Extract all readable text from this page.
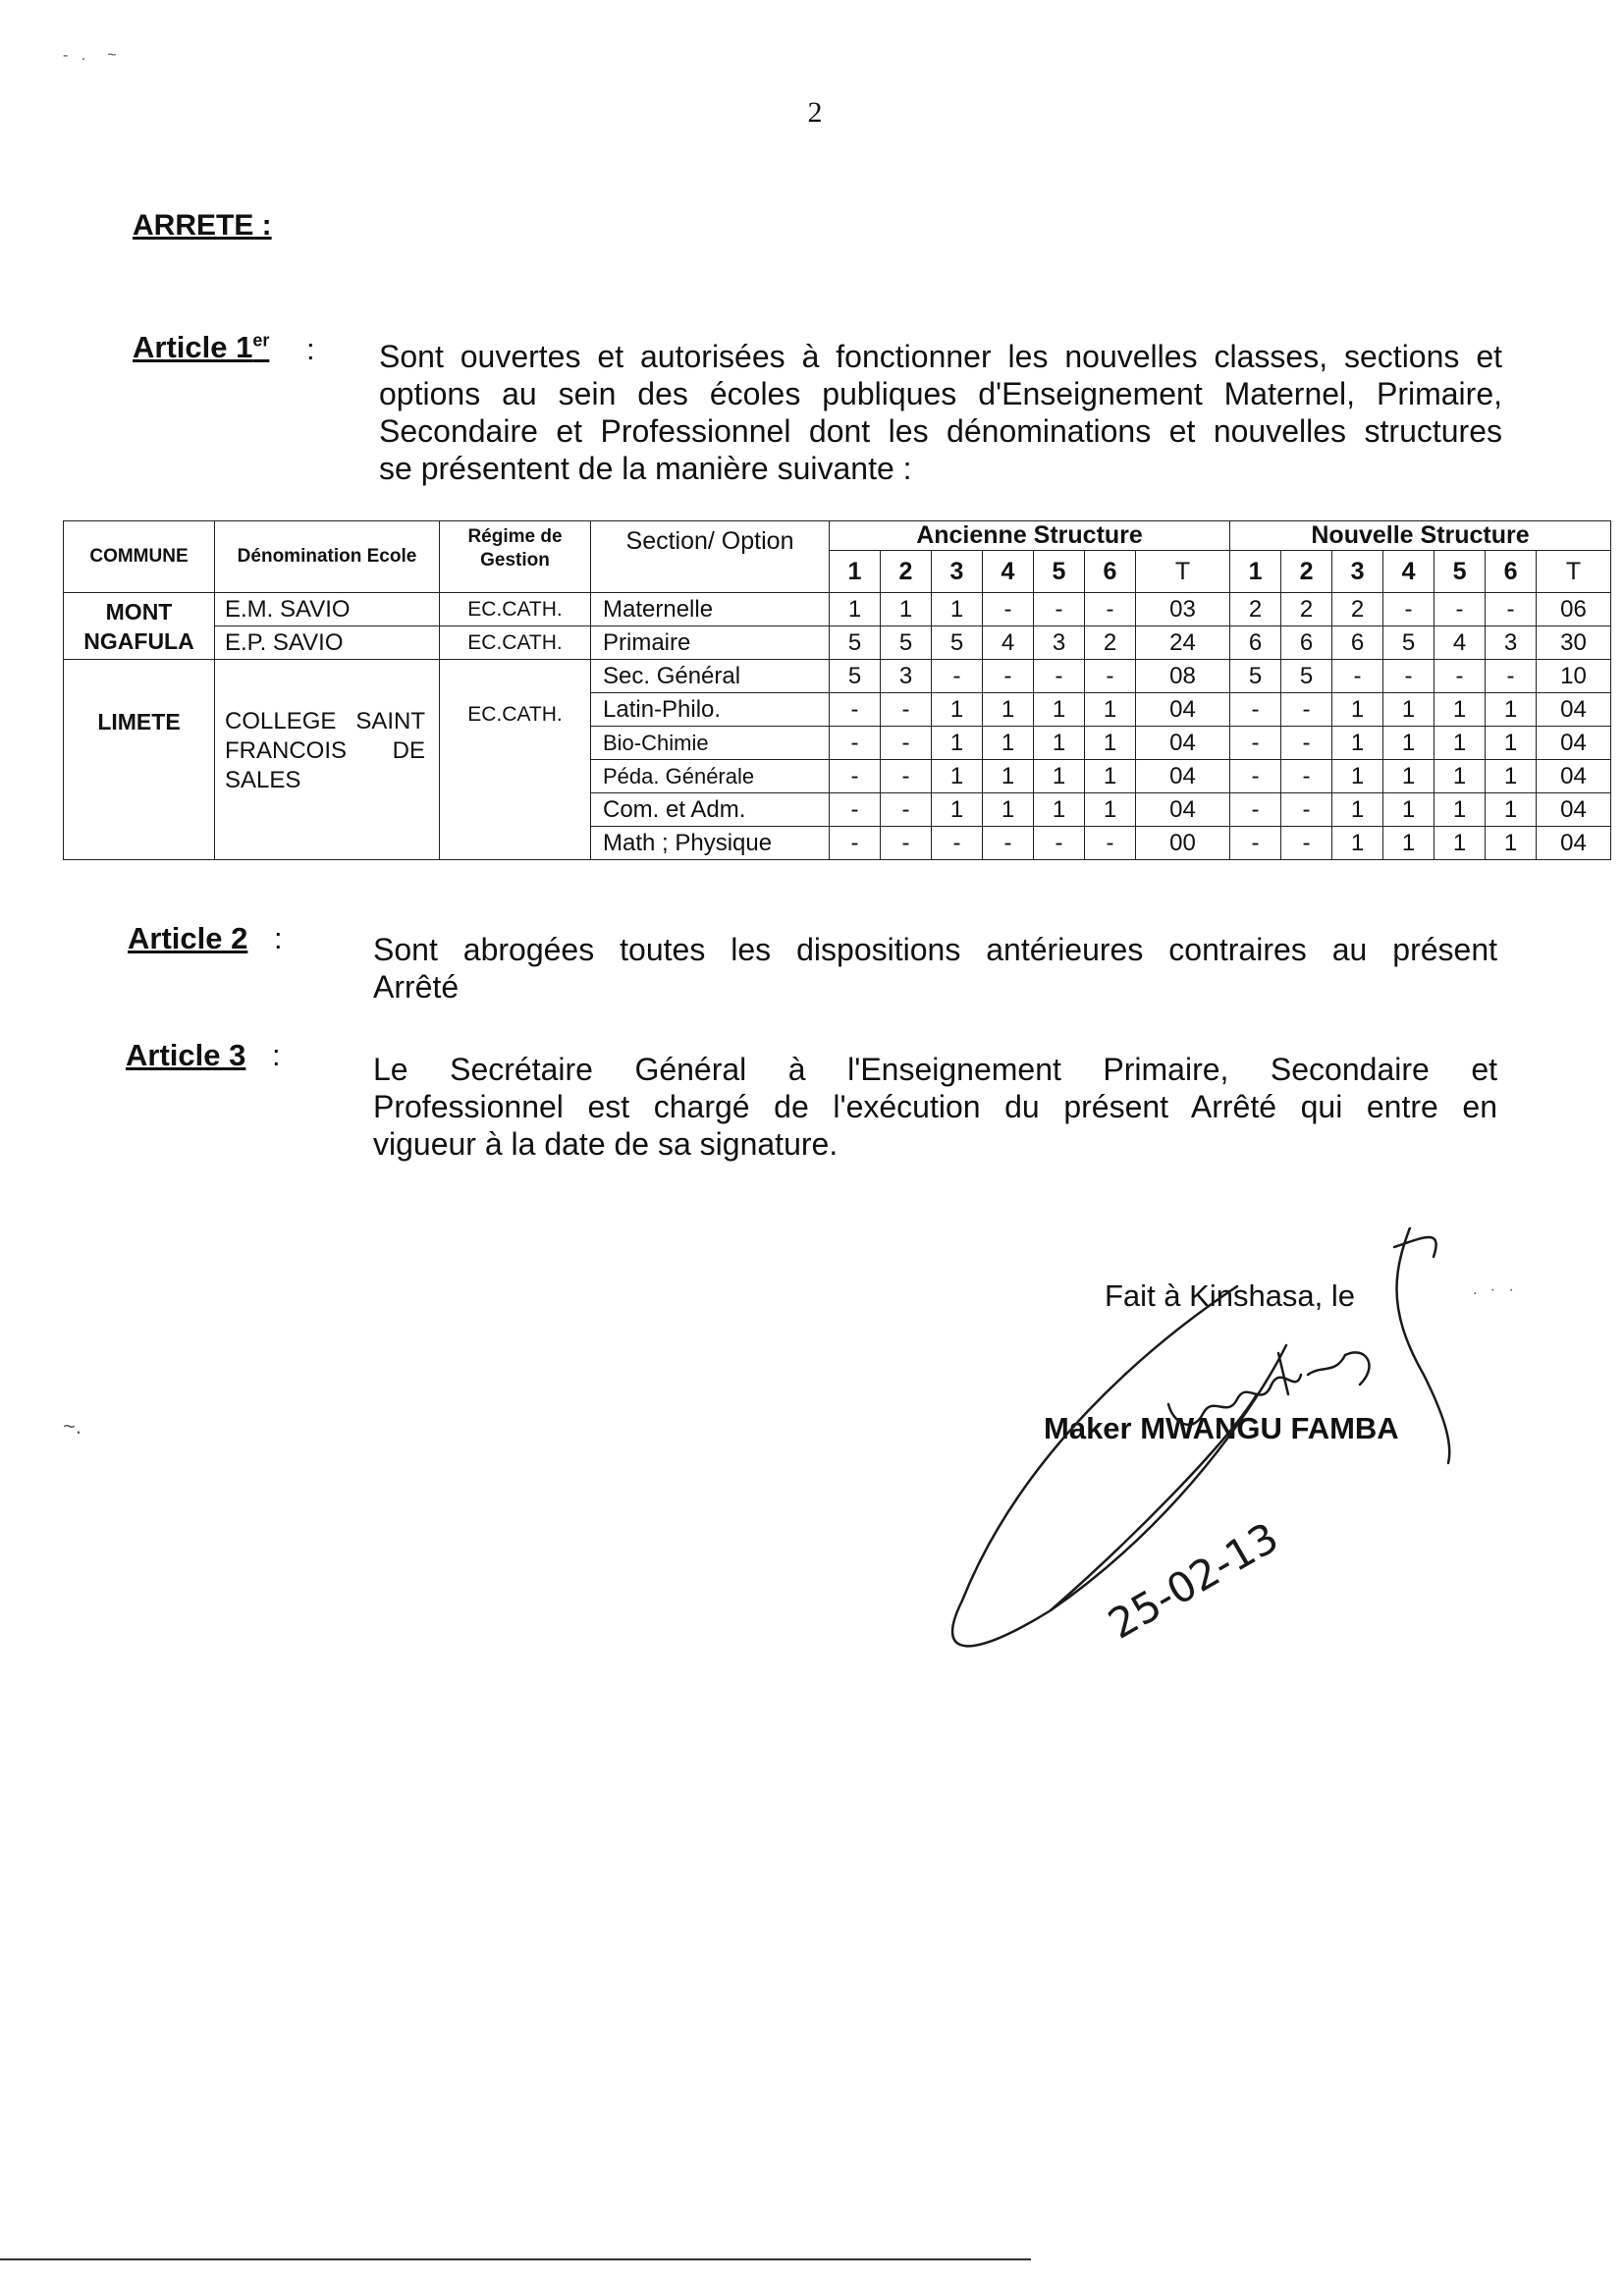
2
-   .     ~
ARRETE :
Article 1er : Sont ouvertes et autorisées à fonctionner les nouvelles classes, sections et
options au sein des écoles publiques d'Enseignement Maternel, Primaire,
Secondaire et Professionnel dont les dénominations et nouvelles structures
se présentent de la manière suivante :
COMMUNE	Dénomination Ecole	Régime de Gestion	Section/ Option	Ancienne Structure							Nouvelle Structure						
				1	2	3	4	5	6	T	1	2	3	4	5	6	T
MONT NGAFULA	E.M. SAVIO	EC.CATH.	Maternelle	1	1	1	-	-	-	03	2	2	2	-	-	-	06
	E.P. SAVIO	EC.CATH.	Primaire	5	5	5	4	3	2	24	6	6	6	5	4	3	30
LIMETE	COLLEGE SAINT FRANCOIS DE SALES	EC.CATH.	Sec. Général	5	3	-	-	-	-	08	5	5	-	-	-	-	10
			Latin-Philo.	-	-	1	1	1	1	04	-	-	1	1	1	1	04
			Bio-Chimie	-	-	1	1	1	1	04	-	-	1	1	1	1	04
			Péda. Générale	-	-	1	1	1	1	04	-	-	1	1	1	1	04
			Com. et Adm.	-	-	1	1	1	1	04	-	-	1	1	1	1	04
			Math ; Physique	-	-	-	-	-	-	00	-	-	1	1	1	1	04
Article 2 :	Sont abrogées toutes les dispositions antérieures contraires au présent
Arrêté
Article 3 :	Le Secrétaire Général à l'Enseignement Primaire, Secondaire et
Professionnel est chargé de l'exécution du présent Arrêté qui entre en
vigueur à la date de sa signature.
Fait à Kinshasa, le
Maker MWANGU FAMBA
25-02-13
~.
.   ·   ·
